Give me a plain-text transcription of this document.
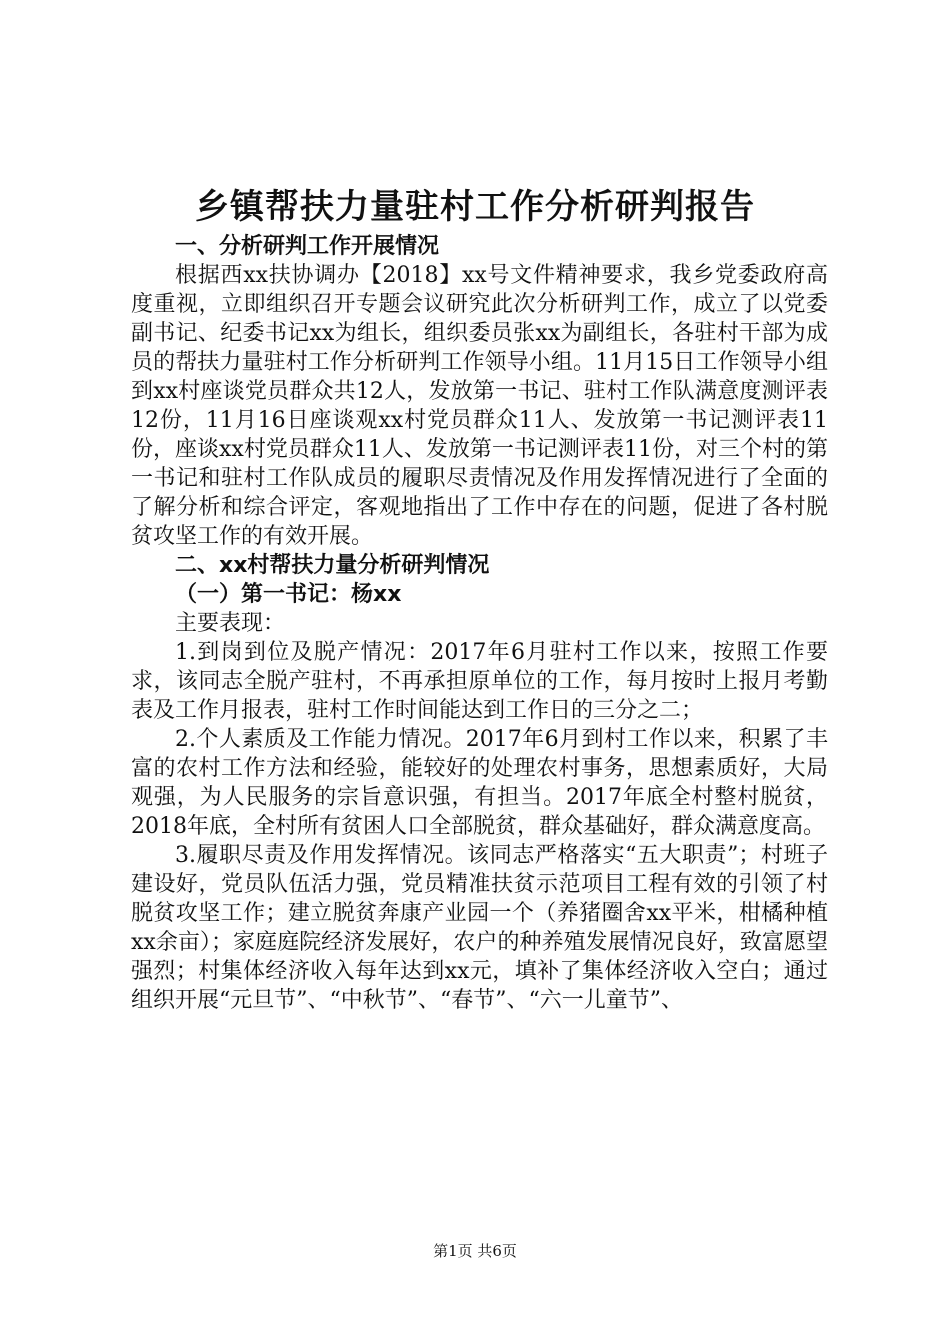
乡镇帮扶力量驻村工作分析研判报告

一、分析研判工作开展情况

根据西xx扶协调办【2018】xx号文件精神要求，我乡党委政府高度重视，立即组织召开专题会议研究此次分析研判工作，成立了以党委副书记、纪委书记xx为组长，组织委员张xx为副组长，各驻村干部为成员的帮扶力量驻村工作分析研判工作领导小组。11月15日工作领导小组到xx村座谈党员群众共12人，发放第一书记、驻村工作队满意度测评表12份，11月16日座谈观xx村党员群众11人、发放第一书记测评表11份，座谈xx村党员群众11人、发放第一书记测评表11份，对三个村的第一书记和驻村工作队成员的履职尽责情况及作用发挥情况进行了全面的了解分析和综合评定，客观地指出了工作中存在的问题，促进了各村脱贫攻坚工作的有效开展。

二、xx村帮扶力量分析研判情况

（一）第一书记：杨xx

主要表现：

1.到岗到位及脱产情况：2017年6月驻村工作以来，按照工作要求，该同志全脱产驻村，不再承担原单位的工作，每月按时上报月考勤表及工作月报表，驻村工作时间能达到工作日的三分之二；

2.个人素质及工作能力情况。2017年6月到村工作以来，积累了丰富的农村工作方法和经验，能较好的处理农村事务，思想素质好，大局观强，为人民服务的宗旨意识强，有担当。2017年底全村整村脱贫，2018年底，全村所有贫困人口全部脱贫，群众基础好，群众满意度高。

3.履职尽责及作用发挥情况。该同志严格落实“五大职责”；村班子建设好，党员队伍活力强，党员精准扶贫示范项目工程有效的引领了村脱贫攻坚工作；建立脱贫奔康产业园一个（养猪圈舍xx平米，柑橘种植xx余亩）；家庭庭院经济发展好，农户的种养殖发展情况良好，致富愿望强烈；村集体经济收入每年达到xx元，填补了集体经济收入空白；通过组织开展“元旦节”、“中秋节”、“春节”、“六一儿童节”、

第1页 共6页
